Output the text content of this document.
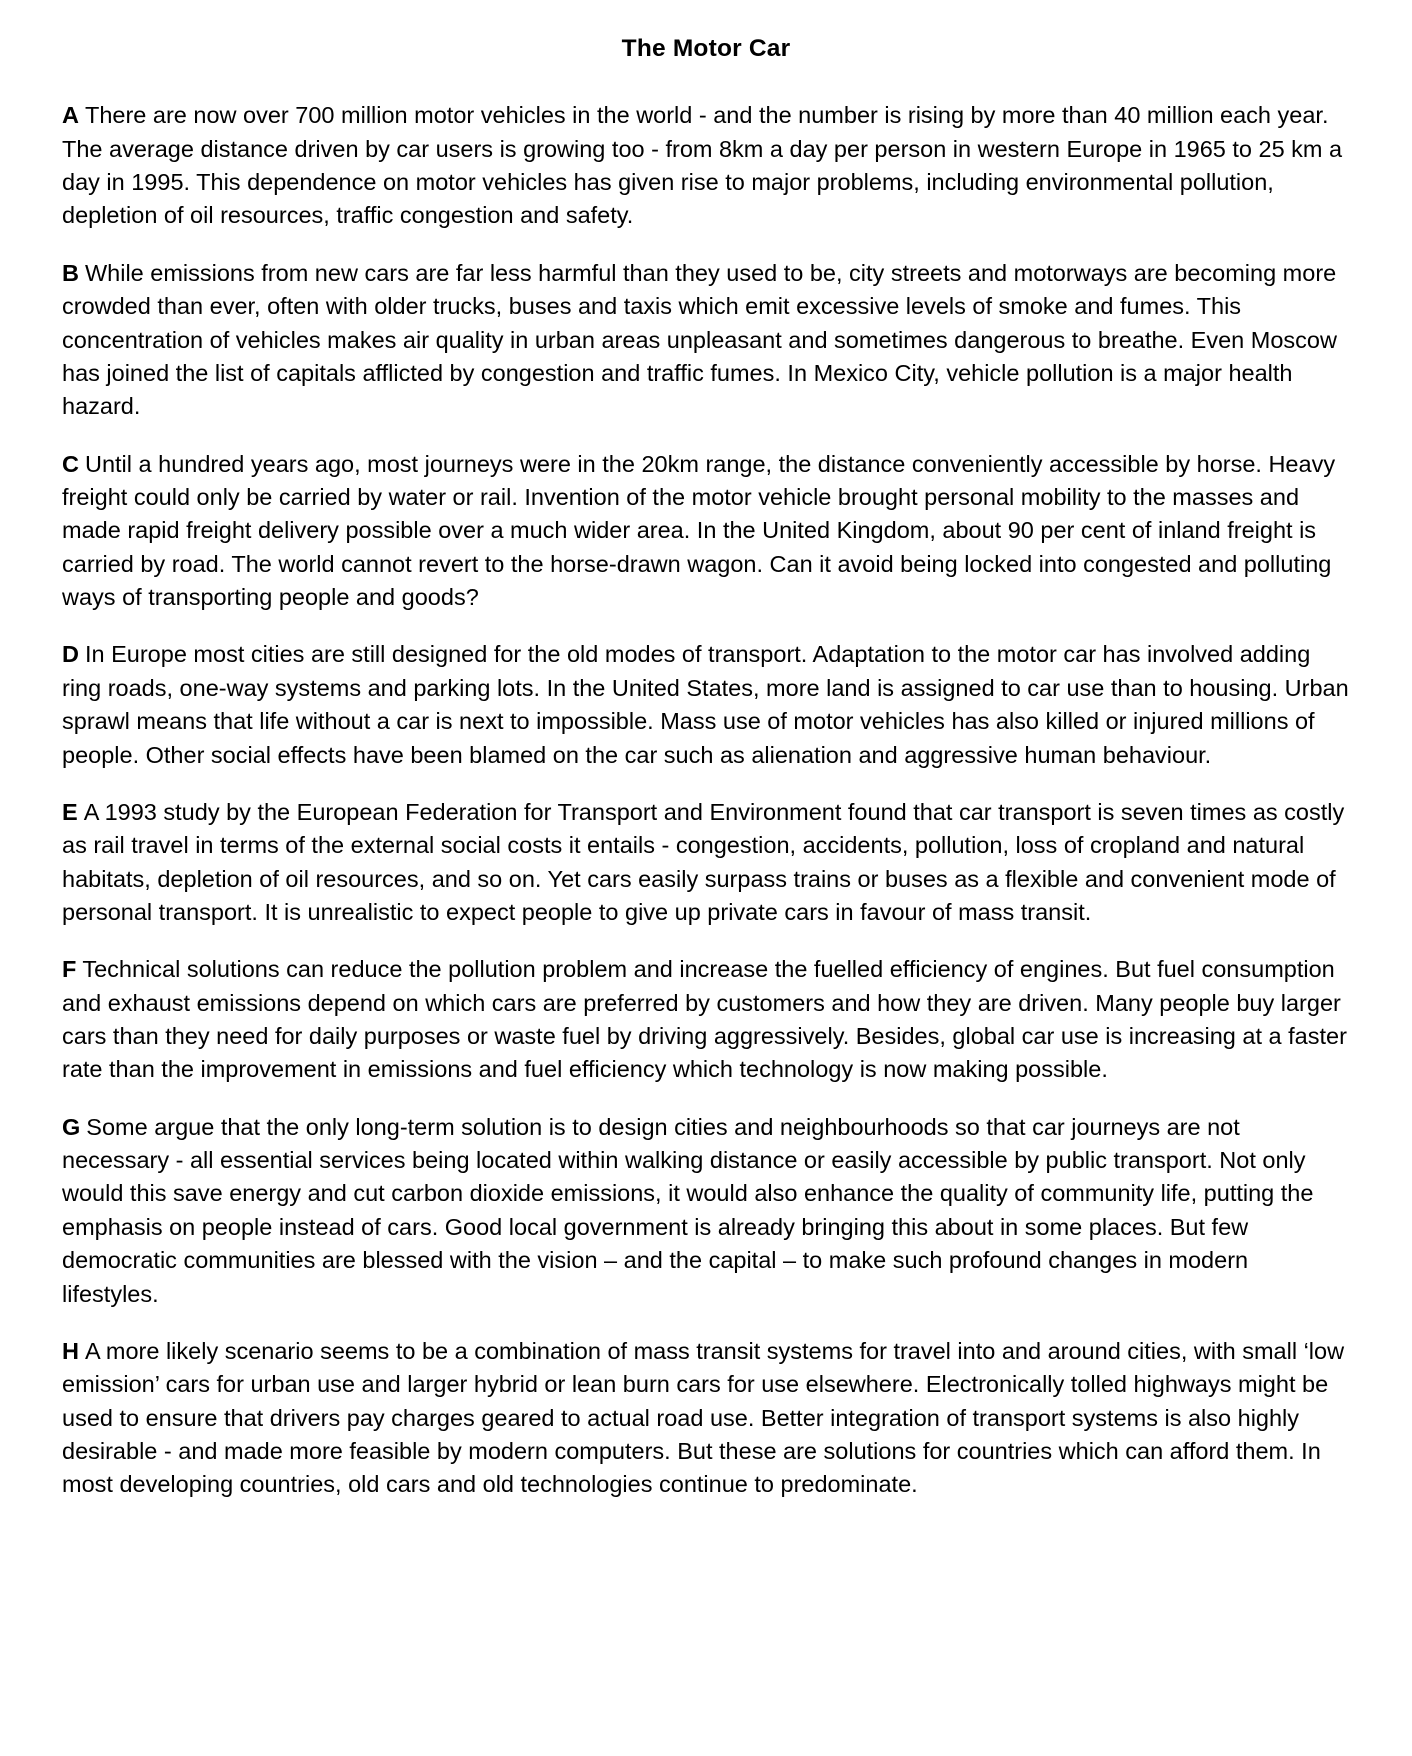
The Motor Car

A There are now over 700 million motor vehicles in the world - and the number is rising by more than 40 million each year. The average distance driven by car users is growing too - from 8km a day per person in western Europe in 1965 to 25 km a day in 1995. This dependence on motor vehicles has given rise to major problems, including environmental pollution, depletion of oil resources, traffic congestion and safety.

B While emissions from new cars are far less harmful than they used to be, city streets and motorways are becoming more crowded than ever, often with older trucks, buses and taxis which emit excessive levels of smoke and fumes. This concentration of vehicles makes air quality in urban areas unpleasant and sometimes dangerous to breathe. Even Moscow has joined the list of capitals afflicted by congestion and traffic fumes. In Mexico City, vehicle pollution is a major health hazard.

C Until a hundred years ago, most journeys were in the 20km range, the distance conveniently accessible by horse. Heavy freight could only be carried by water or rail. Invention of the motor vehicle brought personal mobility to the masses and made rapid freight delivery possible over a much wider area. In the United Kingdom, about 90 per cent of inland freight is carried by road. The world cannot revert to the horse-drawn wagon. Can it avoid being locked into congested and polluting ways of transporting people and goods?

D In Europe most cities are still designed for the old modes of transport. Adaptation to the motor car has involved adding ring roads, one-way systems and parking lots. In the United States, more land is assigned to car use than to housing. Urban sprawl means that life without a car is next to impossible. Mass use of motor vehicles has also killed or injured millions of people. Other social effects have been blamed on the car such as alienation and aggressive human behaviour.

E A 1993 study by the European Federation for Transport and Environment found that car transport is seven times as costly as rail travel in terms of the external social costs it entails - congestion, accidents, pollution, loss of cropland and natural habitats, depletion of oil resources, and so on. Yet cars easily surpass trains or buses as a flexible and convenient mode of personal transport. It is unrealistic to expect people to give up private cars in favour of mass transit.

F Technical solutions can reduce the pollution problem and increase the fuelled efficiency of engines. But fuel consumption and exhaust emissions depend on which cars are preferred by customers and how they are driven. Many people buy larger cars than they need for daily purposes or waste fuel by driving aggressively. Besides, global car use is increasing at a faster rate than the improvement in emissions and fuel efficiency which technology is now making possible.

G Some argue that the only long-term solution is to design cities and neighbourhoods so that car journeys are not necessary - all essential services being located within walking distance or easily accessible by public transport. Not only would this save energy and cut carbon dioxide emissions, it would also enhance the quality of community life, putting the emphasis on people instead of cars. Good local government is already bringing this about in some places. But few democratic communities are blessed with the vision – and the capital – to make such profound changes in modern lifestyles.

H A more likely scenario seems to be a combination of mass transit systems for travel into and around cities, with small ‘low emission’ cars for urban use and larger hybrid or lean burn cars for use elsewhere. Electronically tolled highways might be used to ensure that drivers pay charges geared to actual road use. Better integration of transport systems is also highly desirable - and made more feasible by modern computers. But these are solutions for countries which can afford them. In most developing countries, old cars and old technologies continue to predominate.
